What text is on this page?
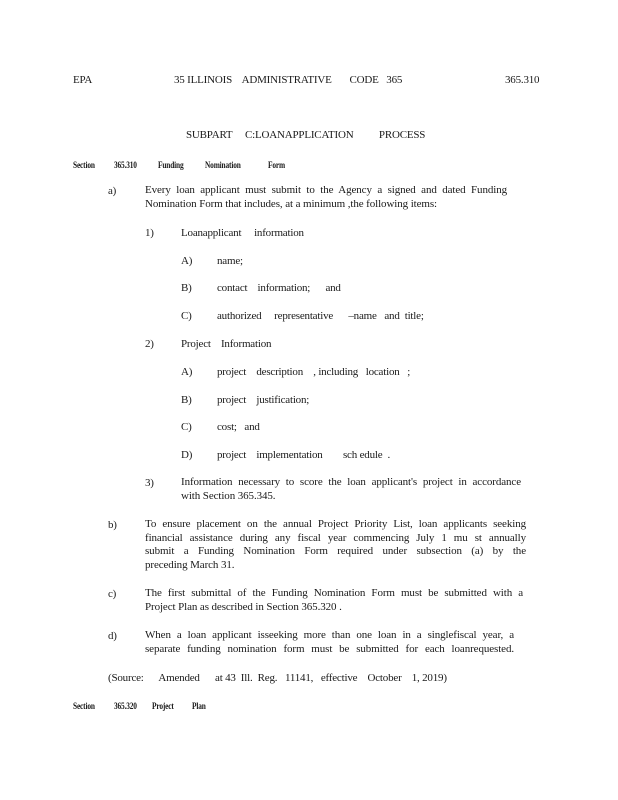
EPA	35 ILLINOIS    ADMINISTRATIVE       CODE   365	365.310
SUBPART     C:LOANAPPLICATION          PROCESS
Section 365.310 Funding Nomination	Form
a)	Every loan applicant must submit to the Agency a signed and dated Funding
Nomination Form that includes, at a minimum ,the following items:
1) Loanapplicant     information
A) name;
B) contact    information;      and
C) authorized     representative      –name   and  title;
2) Project    Information
A) project    description    , including   location   ;
B) project    justification;
C) cost;   and
D) project    implementation        sch edule  .
3) Information necessary to score the loan applicant's project in accordance
with Section 365.345.
b)	To ensure placement on the annual Project Priority List, loan applicants seeking
financial assistance during any fiscal year commencing July 1 mu st annually
submit a Funding Nomination Form required under subsection (a) by the
preceding March 31.
c)	The first submittal of the Funding Nomination Form must be submitted with a
Project Plan as described in Section 365.320 .
d)	When a loan applicant isseeking more than one loan in a singlefiscal year, a
separate funding nomination form must be submitted for each loanrequested.
(Source:      Amended      at 43  Ill.  Reg.   11141,   effective    October    1, 2019)
Section 365.320 Project Plan
